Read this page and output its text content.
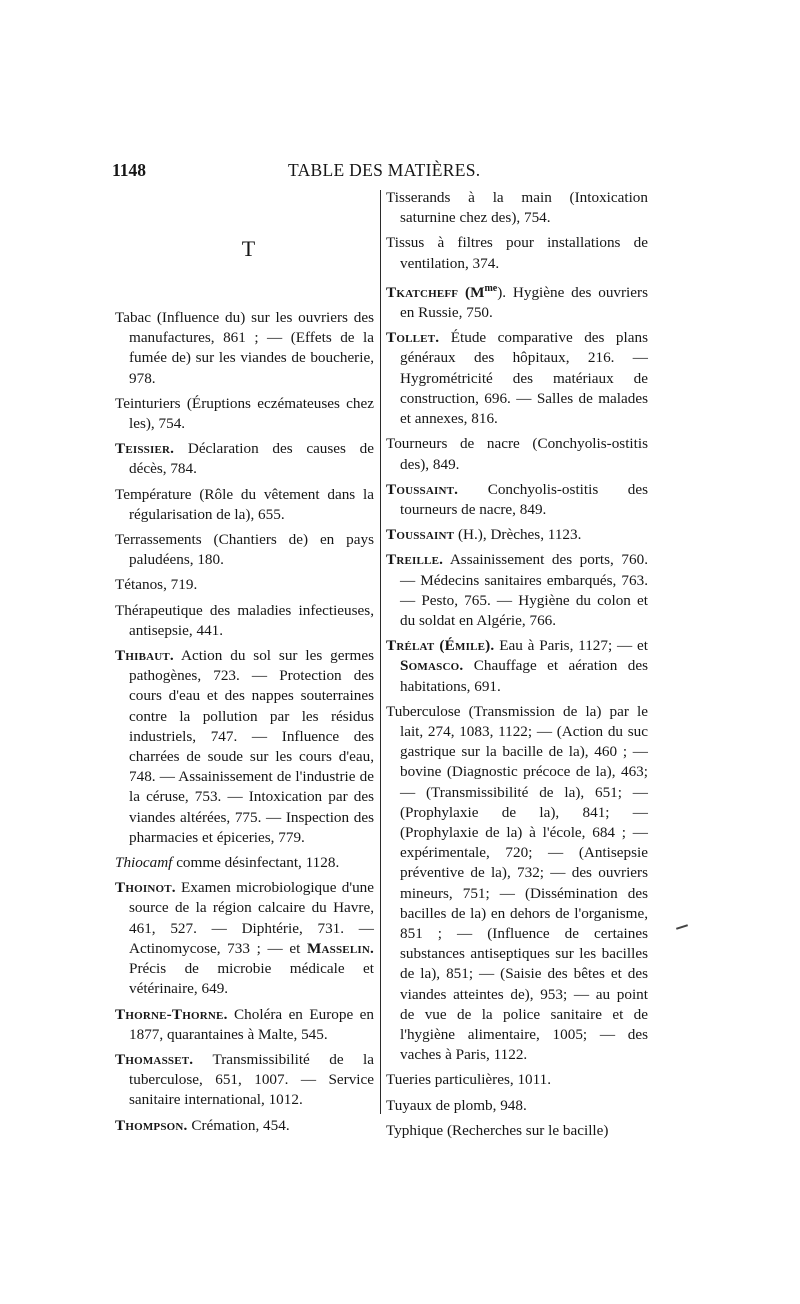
1148	TABLE DES MATIÈRES.
T

Tabac (Influence du) sur les ouvriers des manufactures, 861 ; — (Effets de la fumée de) sur les viandes de boucherie, 978.

Teinturiers (Éruptions eczémateuses chez les), 754.

Teissier. Déclaration des causes de décès, 784.

Température (Rôle du vêtement dans la régularisation de la), 655.

Terrassements (Chantiers de) en pays paludéens, 180.

Tétanos, 719.

Thérapeutique des maladies infectieuses, antisepsie, 441.

Thibaut. Action du sol sur les germes pathogènes, 723. — Protection des cours d'eau et des nappes souterraines contre la pollution par les résidus industriels, 747. — Influence des charrées de soude sur les cours d'eau, 748. — Assainissement de l'industrie de la céruse, 753. — Intoxication par des viandes altérées, 775. — Inspection des pharmacies et épiceries, 779.

Thiocamf comme désinfectant, 1128.

Thoinot. Examen microbiologique d'une source de la région calcaire du Havre, 461, 527. — Diphtérie, 731. — Actinomycose, 733 ; — et Masselin. Précis de microbie médicale et vétérinaire, 649.

Thorne-Thorne. Choléra en Europe en 1877, quarantaines à Malte, 545.

Thomasset. Transmissibilité de la tuberculose, 651, 1007. — Service sanitaire international, 1012.

Thompson. Crémation, 454.

Tisserands à la main (Intoxication saturnine chez des), 754.

Tissus à filtres pour installations de ventilation, 374.

Tkatcheff $(M^{me})$. Hygiène des ouvriers en Russie, 750.

Tollet. Étude comparative des plans généraux des hôpitaux, 216. — Hygrométricité des matériaux de construction, 696. — Salles de malades et annexes, 816.

Tourneurs de nacre (Conchyolis-ostitis des), 849.

Toussaint. Conchyolis-ostitis des tourneurs de nacre, 849.

Toussaint (H.), Drèches, 1123.

Treille. Assainissement des ports, 760. — Médecins sanitaires embarqués, 763. — Pesto, 765. — Hygiène du colon et du soldat en Algérie, 766.

Trélat (Émile). Eau à Paris, 1127; — et Somasco. Chauffage et aération des habitations, 691.

Tuberculose (Transmission de la) par le lait, 274, 1083, 1122; — (Action du suc gastrique sur la bacille de la), 460 ; — bovine (Diagnostic précoce de la), 463; — (Transmissibilité de la), 651; — (Prophylaxie de la), 841; — (Prophylaxie de la) à l'école, 684 ; — expérimentale, 720; — (Antisepsie préventive de la), 732; — des ouvriers mineurs, 751; — (Dissémination des bacilles de la) en dehors de l'organisme, 851 ; — (Influence de certaines substances antiseptiques sur les bacilles de la), 851; — (Saisie des bêtes et des viandes atteintes de), 953; — au point de vue de la police sanitaire et de l'hygiène alimentaire, 1005; — des vaches à Paris, 1122.

Tueries particulières, 1011.

Tuyaux de plomb, 948.

Typhique (Recherches sur le bacille)
